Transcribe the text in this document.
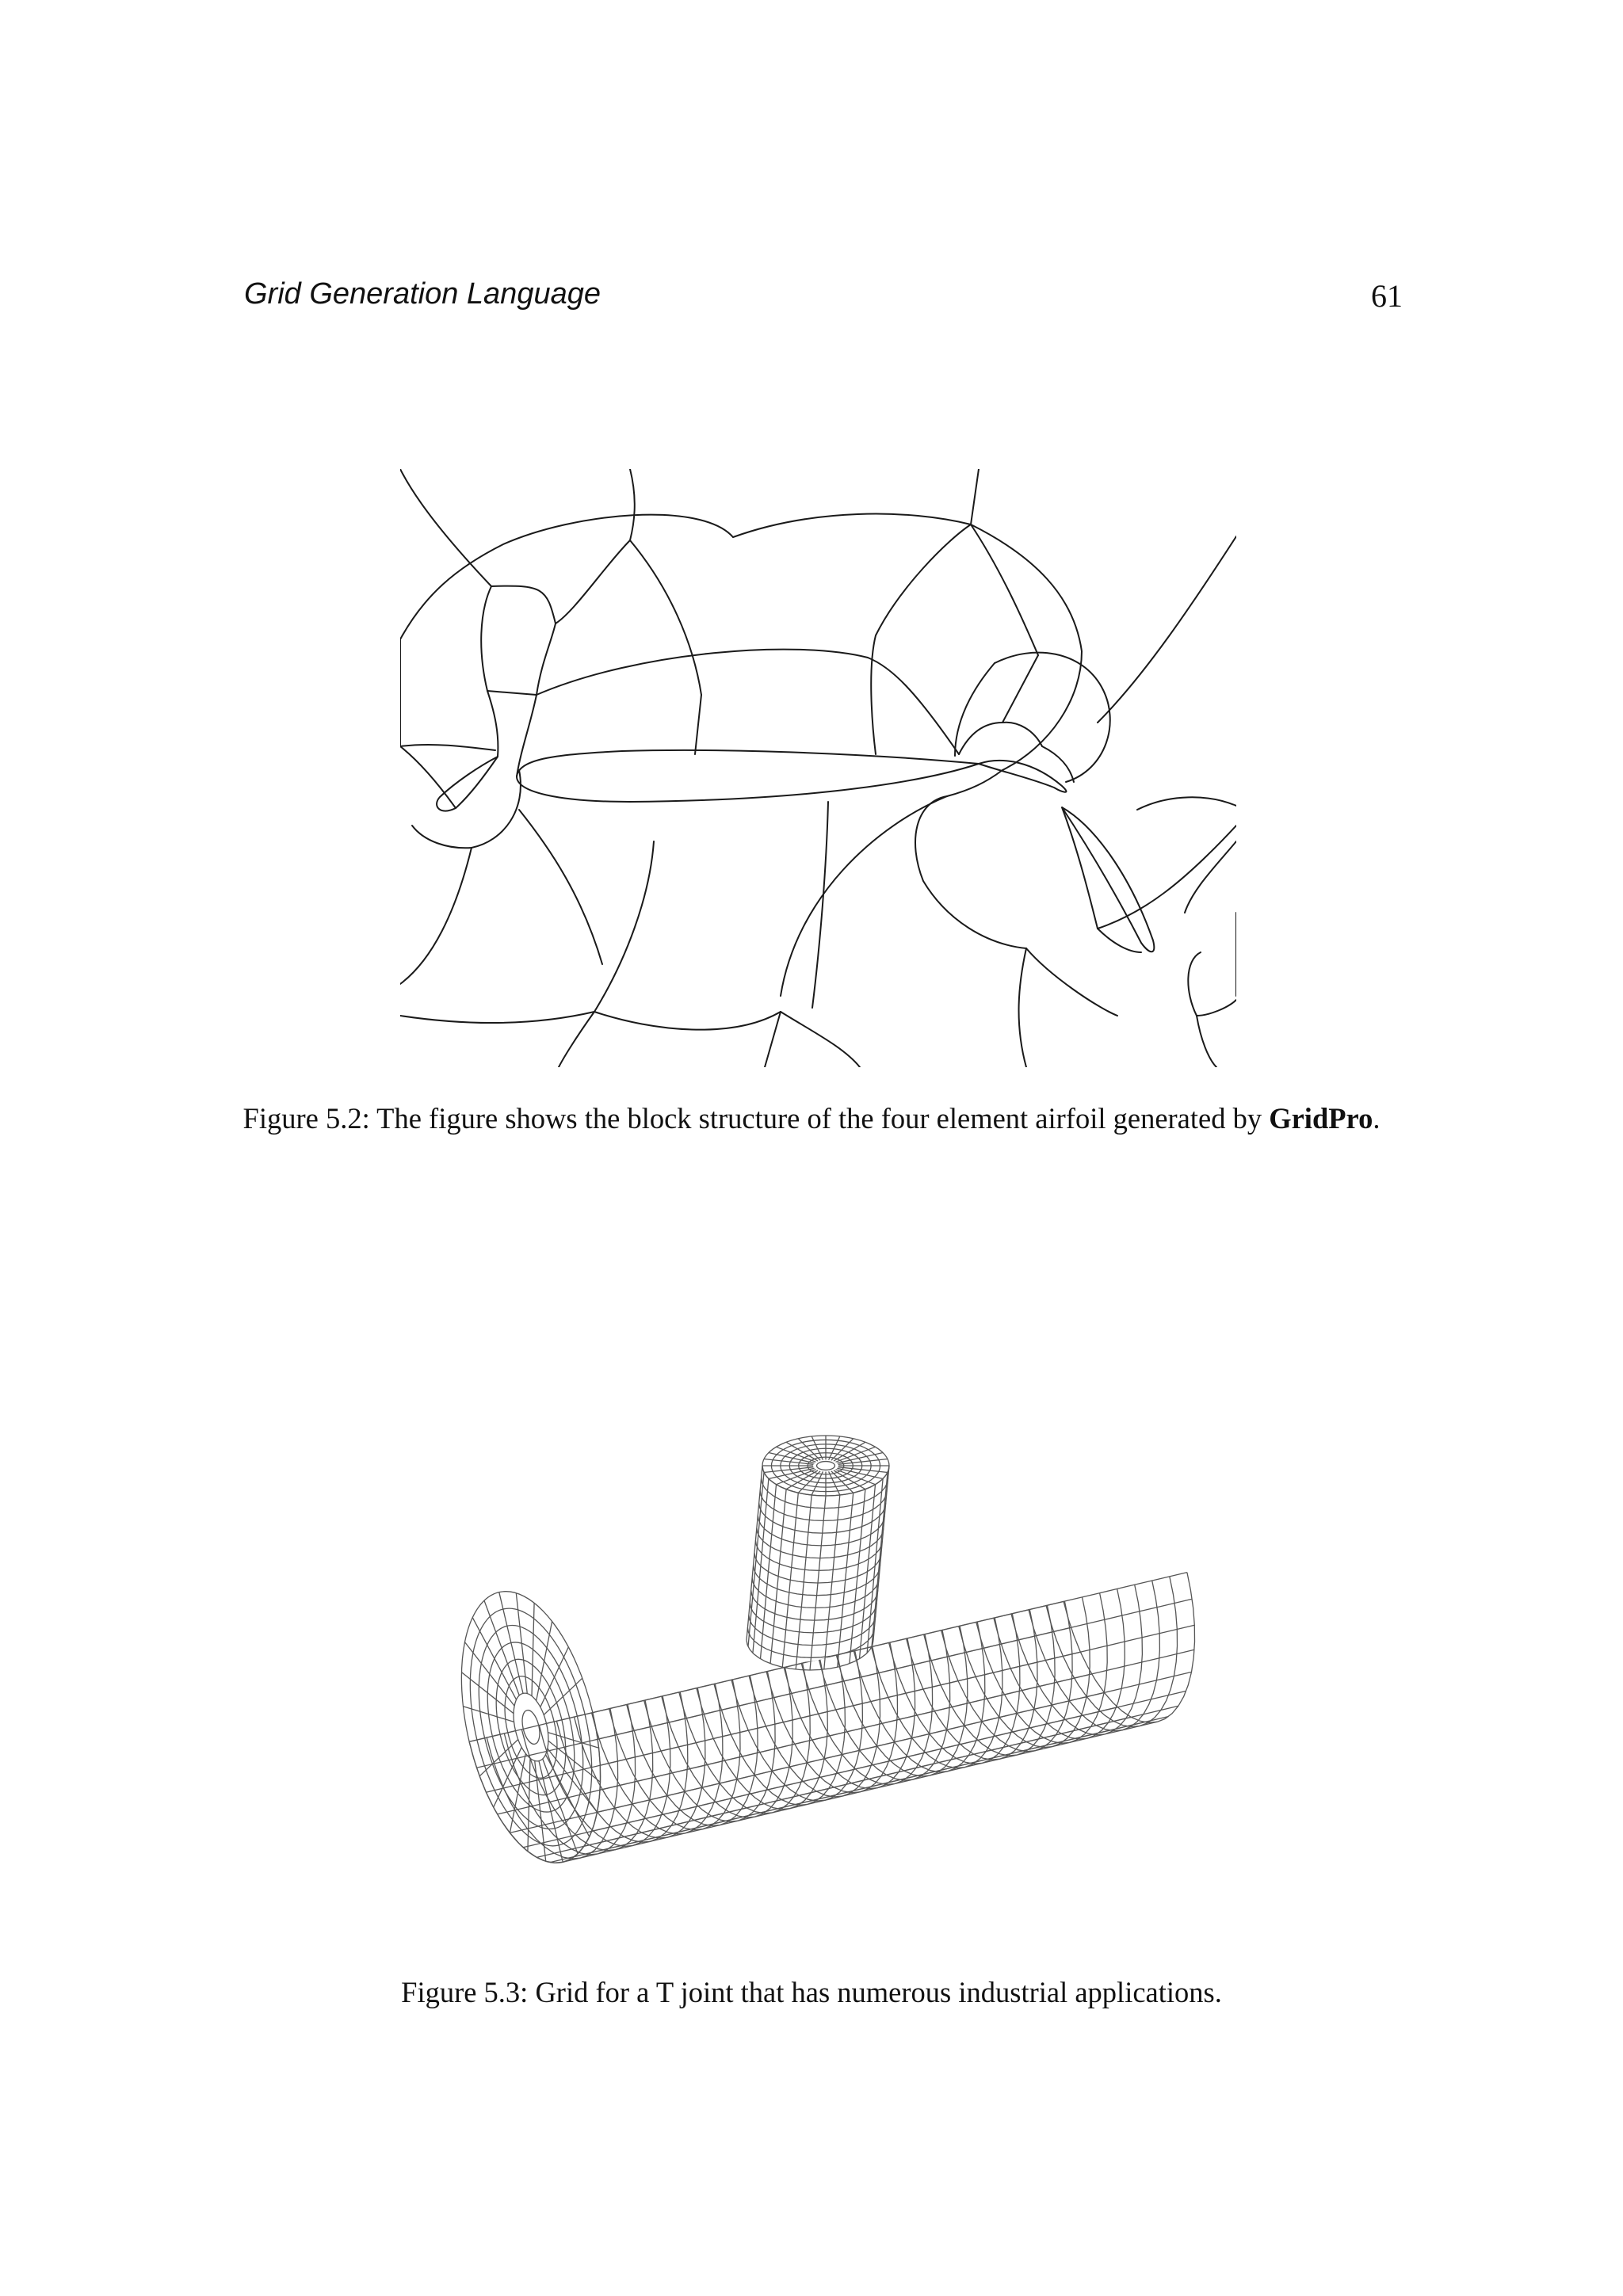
Grid Generation Language	61
Figure 5.2: The figure shows the block structure of the four element airfoil generated by GridPro.
Figure 5.3: Grid for a T joint that has numerous industrial applications.
